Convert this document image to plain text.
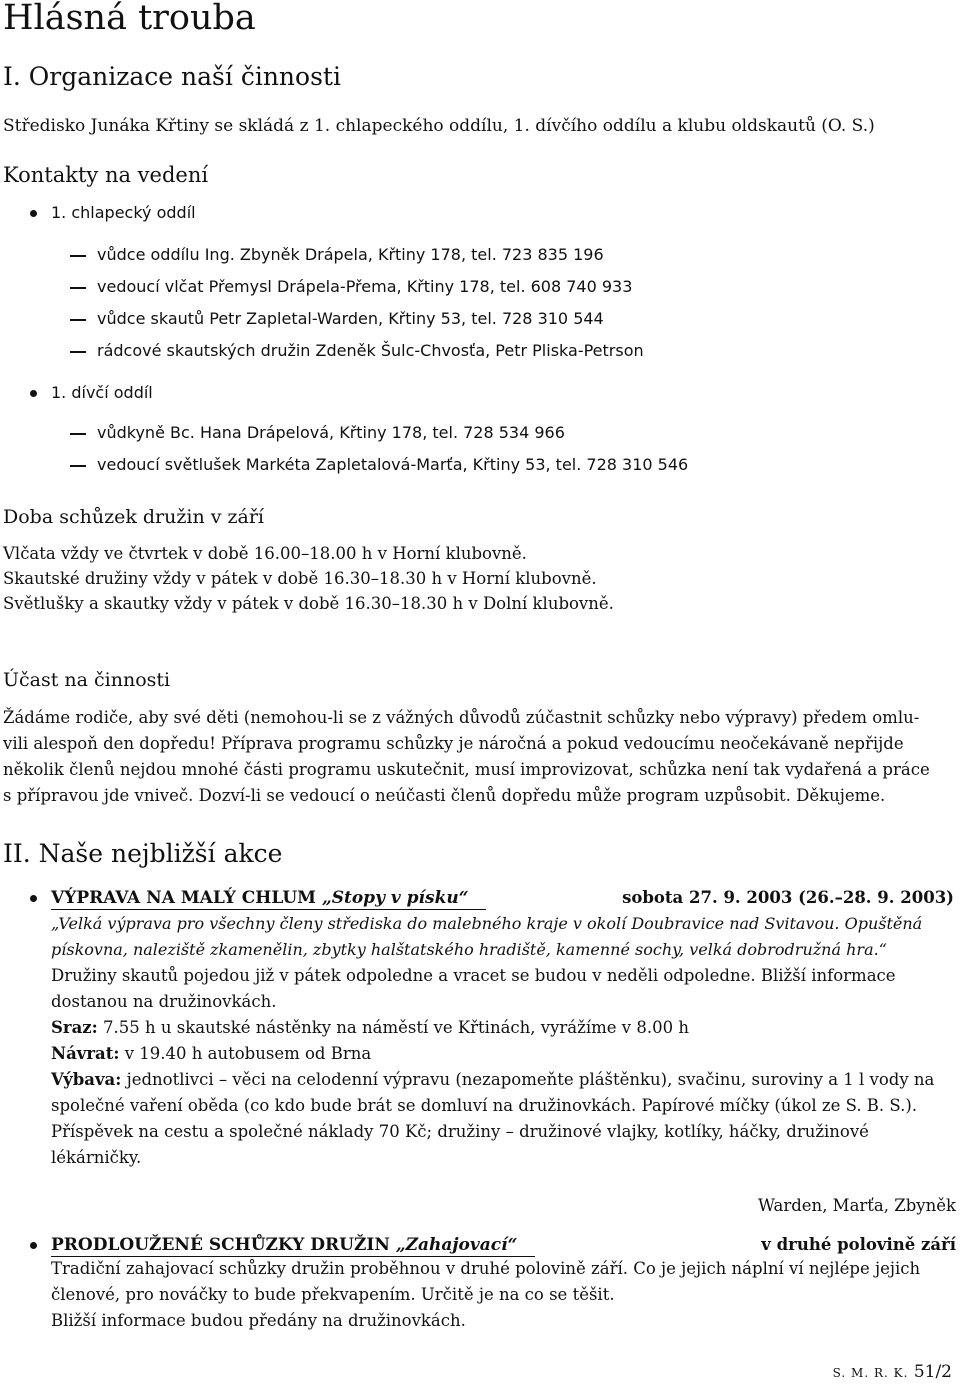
Hlásná trouba
I. Organizace naší činnosti
Středisko Junáka Křtiny se skládá z 1. chlapeckého oddílu, 1. dívčího oddílu a klubu oldskautů (O. S.)
Kontakty na vedení
1. chlapecký oddíl
vůdce oddílu Ing. Zbyněk Drápela, Křtiny 178, tel. 723 835 196
vedoucí vlčat Přemysl Drápela-Přema, Křtiny 178, tel. 608 740 933
vůdce skautů Petr Zapletal-Warden, Křtiny 53, tel. 728 310 544
rádcové skautských družin Zdeněk Šulc-Chvosťa, Petr Pliska-Petrson
1. dívčí oddíl
vůdkyně Bc. Hana Drápelová, Křtiny 178, tel. 728 534 966
vedoucí světlušek Markéta Zapletalová-Marťa, Křtiny 53, tel. 728 310 546
Doba schůzek družin v září
Vlčata vždy ve čtvrtek v době 16.00–18.00 h v Horní klubovně.
Skautské družiny vždy v pátek v době 16.30–18.30 h v Horní klubovně.
Světlušky a skautky vždy v pátek v době 16.30–18.30 h v Dolní klubovně.
Účast na činnosti
Žádáme rodiče, aby své děti (nemohou-li se z vážných důvodů zúčastnit schůzky nebo výpravy) předem omlu-
vili alespoň den dopředu! Příprava programu schůzky je náročná a pokud vedoucímu neočekávaně nepřijde
několik členů nejdou mnohé části programu uskutečnit, musí improvizovat, schůzka není tak vydařená a práce
s přípravou jde vniveč. Dozví-li se vedoucí o neúčasti členů dopředu může program uzpůsobit. Děkujeme.
II. Naše nejbližší akce
VÝPRAVA NA MALÝ CHLUM „Stopy v písku“	sobota 27. 9. 2003 (26.–28. 9. 2003)
„Velká výprava pro všechny členy střediska do malebného kraje v okolí Doubravice nad Svitavou. Opuštěná
pískovna, naleziště zkamenělin, zbytky halštatského hradiště, kamenné sochy, velká dobrodružná hra.“
Družiny skautů pojedou již v pátek odpoledne a vracet se budou v neděli odpoledne. Bližší informace
dostanou na družinovkách.
Sraz: 7.55 h u skautské nástěnky na náměstí ve Křtinách, vyrážíme v 8.00 h
Návrat: v 19.40 h autobusem od Brna
Výbava: jednotlivci – věci na celodenní výpravu (nezapomeňte pláštěnku), svačinu, suroviny a 1 l vody na
společné vaření oběda (co kdo bude brát se domluví na družinovkách. Papírové míčky (úkol ze S. B. S.).
Příspěvek na cestu a společné náklady 70 Kč; družiny – družinové vlajky, kotlíky, háčky, družinové
lékárničky.
Warden, Marťa, Zbyněk
PRODLOUŽENÉ SCHŮZKY DRUŽIN „Zahajovací“	v druhé polovině září
Tradiční zahajovací schůzky družin proběhnou v druhé polovině září. Co je jejich náplní ví nejlépe jejich
členové, pro nováčky to bude překvapením. Určitě je na co se těšit.
Bližší informace budou předány na družinovkách.
S. M. R. K. 51/2
